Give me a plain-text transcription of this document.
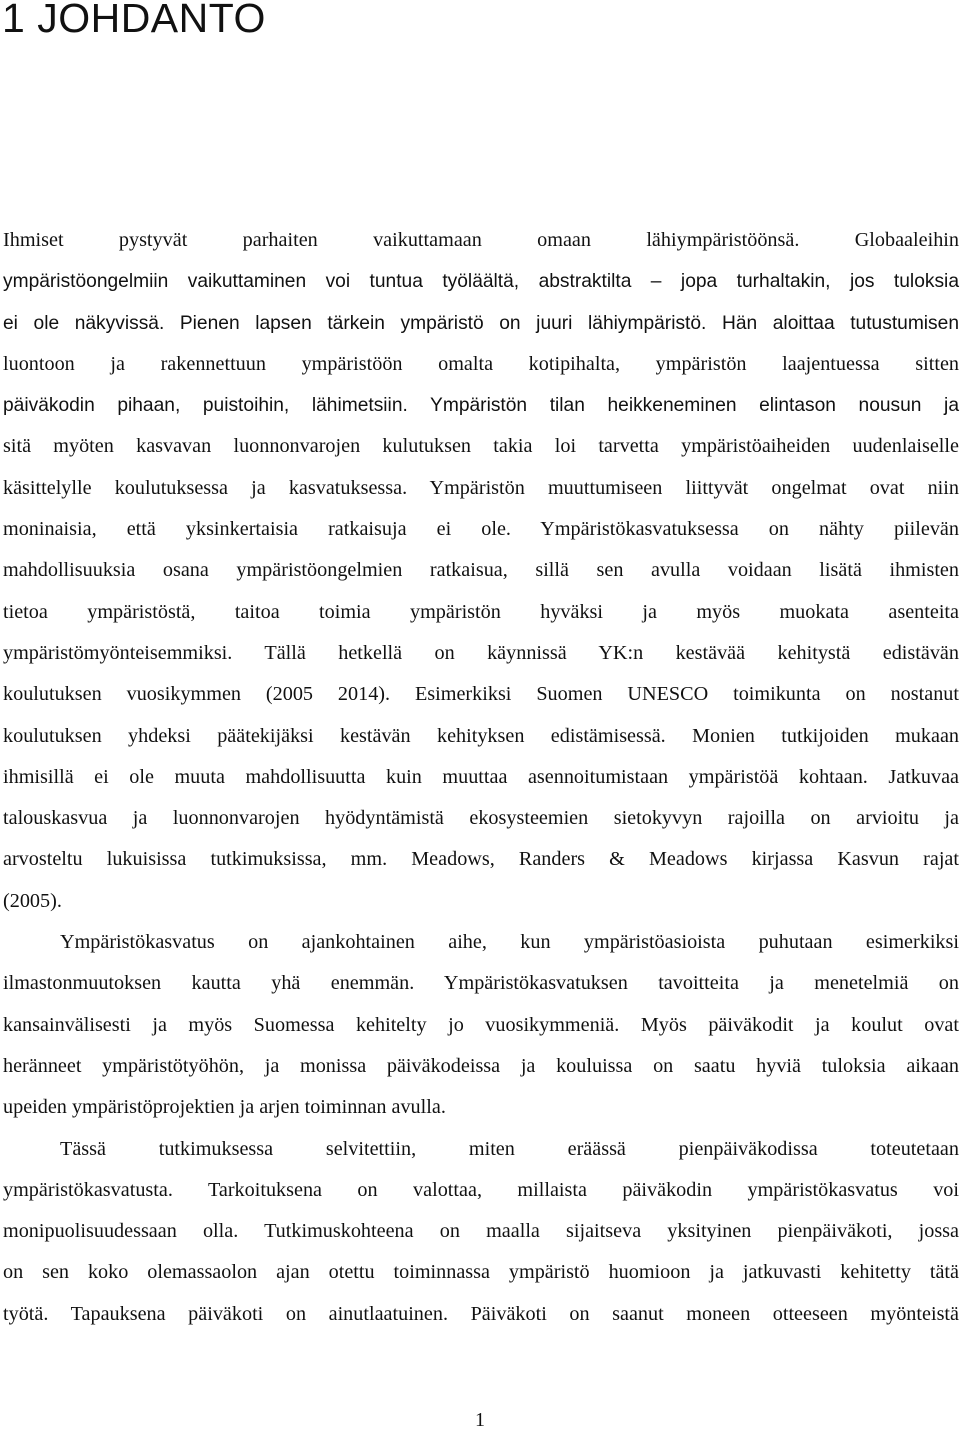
1 JOHDANTO

Ihmiset pystyvät parhaiten vaikuttamaan omaan lähiympäristöönsä. Globaaleihin
ympäristöongelmiin vaikuttaminen voi tuntua työläältä, abstraktilta – jopa turhaltakin, jos tuloksia
ei ole näkyvissä. Pienen lapsen tärkein ympäristö on juuri lähiympäristö. Hän aloittaa tutustumisen
luontoon ja rakennettuun ympäristöön omalta kotipihalta, ympäristön laajentuessa sitten
päiväkodin pihaan, puistoihin, lähimetsiin. Ympäristön tilan heikkeneminen elintason nousun ja
sitä myöten kasvavan luonnonvarojen kulutuksen takia loi tarvetta ympäristöaiheiden uudenlaiselle
käsittelylle koulutuksessa ja kasvatuksessa. Ympäristön muuttumiseen liittyvät ongelmat ovat niin
moninaisia, että yksinkertaisia ratkaisuja ei ole. Ympäristökasvatuksessa on nähty piilevän
mahdollisuuksia osana ympäristöongelmien ratkaisua, sillä sen avulla voidaan lisätä ihmisten
tietoa ympäristöstä, taitoa toimia ympäristön hyväksi ja myös muokata asenteita
ympäristömyönteisemmiksi. Tällä hetkellä on käynnissä YK:n kestävää kehitystä edistävän
koulutuksen vuosikymmen (2005 2014). Esimerkiksi Suomen UNESCO toimikunta on nostanut
koulutuksen yhdeksi päätekijäksi kestävän kehityksen edistämisessä. Monien tutkijoiden mukaan
ihmisillä ei ole muuta mahdollisuutta kuin muuttaa asennoitumistaan ympäristöä kohtaan. Jatkuvaa
talouskasvua ja luonnonvarojen hyödyntämistä ekosysteemien sietokyvyn rajoilla on arvioitu ja
arvosteltu lukuisissa tutkimuksissa, mm. Meadows, Randers & Meadows kirjassa Kasvun rajat
(2005).

Ympäristökasvatus on ajankohtainen aihe, kun ympäristöasioista puhutaan esimerkiksi
ilmastonmuutoksen kautta yhä enemmän. Ympäristökasvatuksen tavoitteita ja menetelmiä on
kansainvälisesti ja myös Suomessa kehitelty jo vuosikymmeniä. Myös päiväkodit ja koulut ovat
heränneet ympäristötyöhön, ja monissa päiväkodeissa ja kouluissa on saatu hyviä tuloksia aikaan
upeiden ympäristöprojektien ja arjen toiminnan avulla.

Tässä tutkimuksessa selvitettiin, miten eräässä pienpäiväkodissa toteutetaan
ympäristökasvatusta. Tarkoituksena on valottaa, millaista päiväkodin ympäristökasvatus voi
monipuolisuudessaan olla. Tutkimuskohteena on maalla sijaitseva yksityinen pienpäiväkoti, jossa
on sen koko olemassaolon ajan otettu toiminnassa ympäristö huomioon ja jatkuvasti kehitetty tätä
työtä. Tapauksena päiväkoti on ainutlaatuinen. Päiväkoti on saanut moneen otteeseen myönteistä

1
